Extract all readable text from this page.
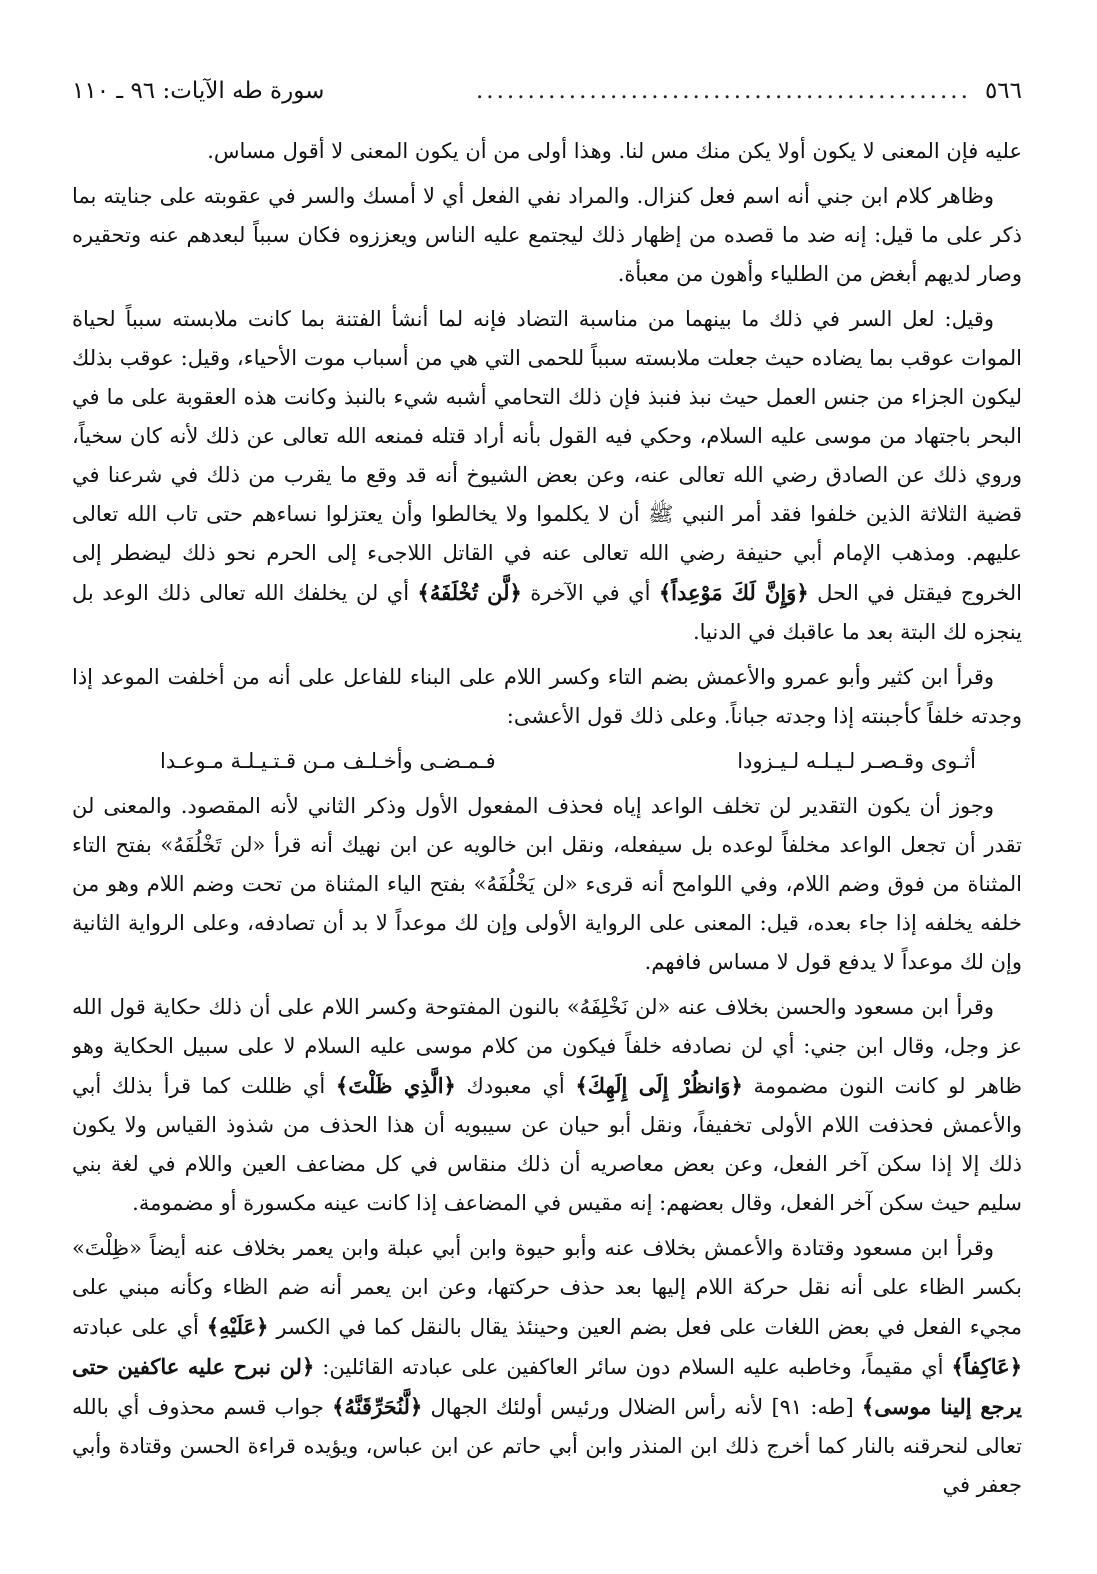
٥٦٦
................................................
سورة طه الآيات: ٩٦ ـ ١١٠

عليه فإن المعنى لا يكون أولا يكن منك مس لنا. وهذا أولى من أن يكون المعنى لا أقول مساس.

وظاهر كلام ابن جني أنه اسم فعل كنزال. والمراد نفي الفعل أي لا أمسك والسر في عقوبته على جنايته بما ذكر على ما قيل: إنه ضد ما قصده من إظهار ذلك ليجتمع عليه الناس ويعززوه فكان سبباً لبعدهم عنه وتحقيره وصار لديهم أبغض من الطلياء وأهون من معبأة.

وقيل: لعل السر في ذلك ما بينهما من مناسبة التضاد فإنه لما أنشأ الفتنة بما كانت ملابسته سبباً لحياة الموات عوقب بما يضاده حيث جعلت ملابسته سبباً للحمى التي هي من أسباب موت الأحياء، وقيل: عوقب بذلك ليكون الجزاء من جنس العمل حيث نبذ فنبذ فإن ذلك التحامي أشبه شيء بالنبذ وكانت هذه العقوبة على ما في البحر باجتهاد من موسى عليه السلام، وحكي فيه القول بأنه أراد قتله فمنعه الله تعالى عن ذلك لأنه كان سخياً، وروي ذلك عن الصادق رضي الله تعالى عنه، وعن بعض الشيوخ أنه قد وقع ما يقرب من ذلك في شرعنا في قضية الثلاثة الذين خلفوا فقد أمر النبي ﷺ أن لا يكلموا ولا يخالطوا وأن يعتزلوا نساءهم حتى تاب الله تعالى عليهم. ومذهب الإمام أبي حنيفة رضي الله تعالى عنه في القاتل اللاجىء إلى الحرم نحو ذلك ليضطر إلى الخروج فيقتل في الحل ﴿وَإِنَّ لَكَ مَوْعِداً﴾ أي في الآخرة ﴿لَّن تُخْلَفَهُ﴾ أي لن يخلفك الله تعالى ذلك الوعد بل ينجزه لك البتة بعد ما عاقبك في الدنيا.

وقرأ ابن كثير وأبو عمرو والأعمش بضم التاء وكسر اللام على البناء للفاعل على أنه من أخلفت الموعد إذا وجدته خلفاً كأجبنته إذا وجدته جباناً. وعلى ذلك قول الأعشى:

أثـوى وقـصـر لـيـلـه لـيـزودا
فـمـضـى وأخـلـف مـن قـتـيـلـة مـوعـدا

وجوز أن يكون التقدير لن تخلف الواعد إياه فحذف المفعول الأول وذكر الثاني لأنه المقصود. والمعنى لن تقدر أن تجعل الواعد مخلفاً لوعده بل سيفعله، ونقل ابن خالويه عن ابن نهيك أنه قرأ «لن تَخْلُفَهُ» بفتح التاء المثناة من فوق وضم اللام، وفي اللوامح أنه قرىء «لن يَخْلُفَهُ» بفتح الياء المثناة من تحت وضم اللام وهو من خلفه يخلفه إذا جاء بعده، قيل: المعنى على الرواية الأولى وإن لك موعداً لا بد أن تصادفه، وعلى الرواية الثانية وإن لك موعداً لا يدفع قول لا مساس فافهم.

وقرأ ابن مسعود والحسن بخلاف عنه «لن نَخْلِفَهُ» بالنون المفتوحة وكسر اللام على أن ذلك حكاية قول الله عز وجل، وقال ابن جني: أي لن نصادفه خلفاً فيكون من كلام موسى عليه السلام لا على سبيل الحكاية وهو ظاهر لو كانت النون مضمومة ﴿وَانظُرْ إِلَى إِلَهِكَ﴾ أي معبودك ﴿الَّذِي ظَلْتَ﴾ أي ظللت كما قرأ بذلك أبي والأعمش فحذفت اللام الأولى تخفيفاً، ونقل أبو حيان عن سيبويه أن هذا الحذف من شذوذ القياس ولا يكون ذلك إلا إذا سكن آخر الفعل، وعن بعض معاصريه أن ذلك منقاس في كل مضاعف العين واللام في لغة بني سليم حيث سكن آخر الفعل، وقال بعضهم: إنه مقيس في المضاعف إذا كانت عينه مكسورة أو مضمومة.

وقرأ ابن مسعود وقتادة والأعمش بخلاف عنه وأبو حيوة وابن أبي عبلة وابن يعمر بخلاف عنه أيضاً «ظِلْتَ» بكسر الظاء على أنه نقل حركة اللام إليها بعد حذف حركتها، وعن ابن يعمر أنه ضم الظاء وكأنه مبني على مجيء الفعل في بعض اللغات على فعل بضم العين وحينئذ يقال بالنقل كما في الكسر ﴿عَلَيْهِ﴾ أي على عبادته ﴿عَاكِفاً﴾ أي مقيماً، وخاطبه عليه السلام دون سائر العاكفين على عبادته القائلين: ﴿لن نبرح عليه عاكفين حتى يرجع إلينا موسى﴾ [طه: ٩١] لأنه رأس الضلال ورئيس أولئك الجهال ﴿لَّنُحَرِّقَنَّهُ﴾ جواب قسم محذوف أي بالله تعالى لنحرقنه بالنار كما أخرج ذلك ابن المنذر وابن أبي حاتم عن ابن عباس، ويؤيده قراءة الحسن وقتادة وأبي جعفر في
